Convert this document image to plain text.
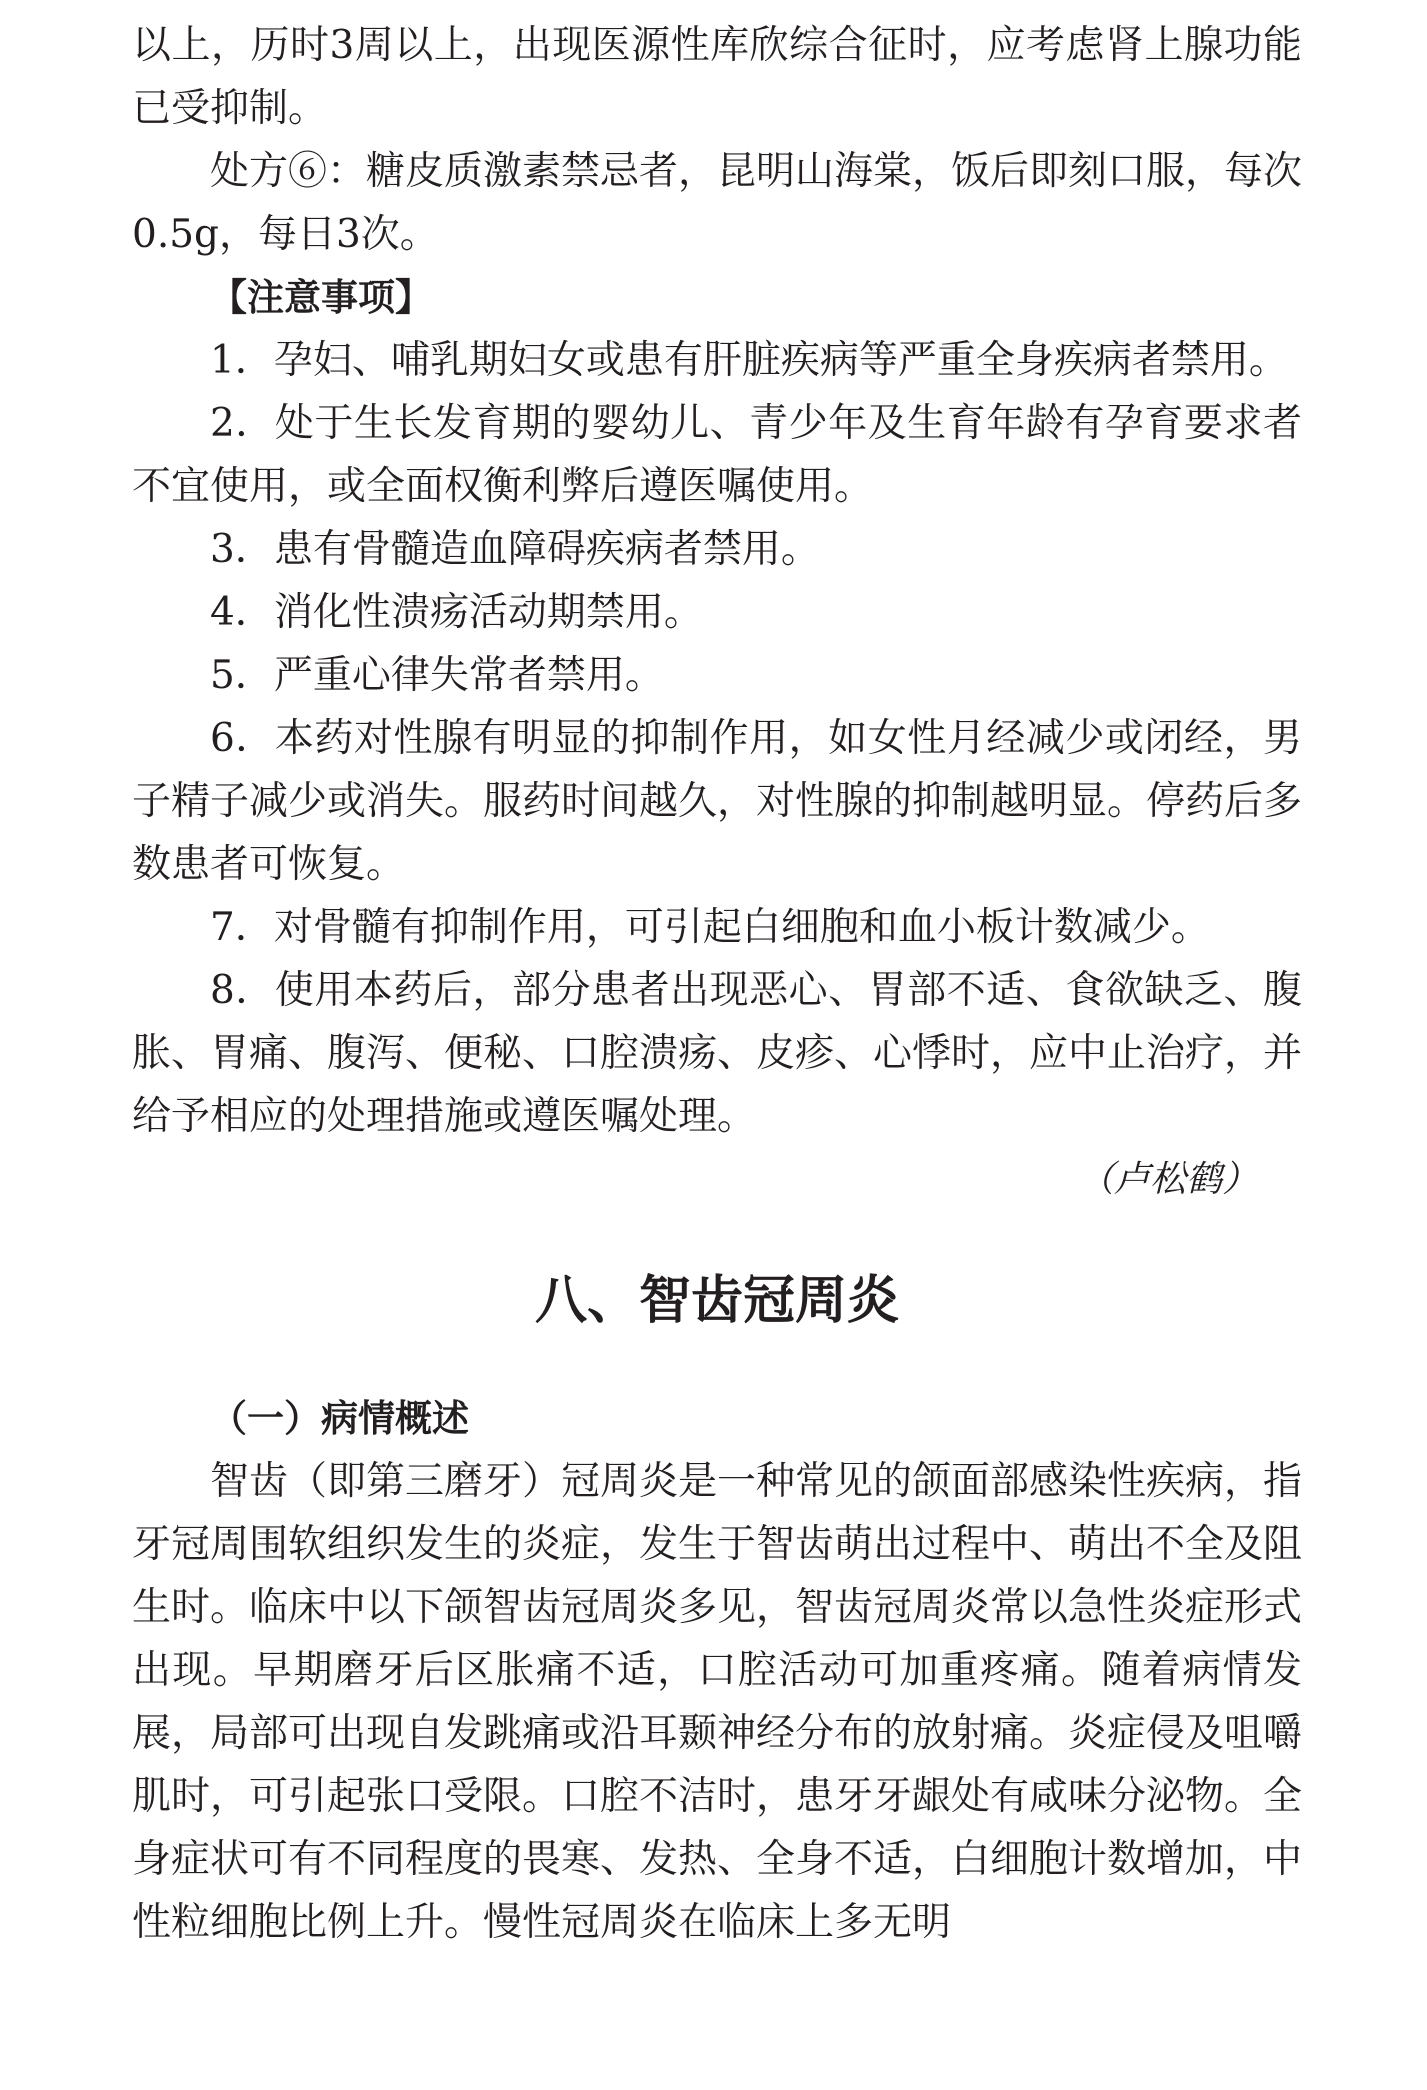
以上，历时3周以上，出现医源性库欣综合征时，应考虑肾上腺功能已受抑制。

处方⑥：糖皮质激素禁忌者，昆明山海棠，饭后即刻口服，每次0.5g，每日3次。

【注意事项】

1．孕妇、哺乳期妇女或患有肝脏疾病等严重全身疾病者禁用。

2．处于生长发育期的婴幼儿、青少年及生育年龄有孕育要求者不宜使用，或全面权衡利弊后遵医嘱使用。

3．患有骨髓造血障碍疾病者禁用。

4．消化性溃疡活动期禁用。

5．严重心律失常者禁用。

6．本药对性腺有明显的抑制作用，如女性月经减少或闭经，男子精子减少或消失。服药时间越久，对性腺的抑制越明显。停药后多数患者可恢复。

7．对骨髓有抑制作用，可引起白细胞和血小板计数减少。

8．使用本药后，部分患者出现恶心、胃部不适、食欲缺乏、腹胀、胃痛、腹泻、便秘、口腔溃疡、皮疹、心悸时，应中止治疗，并给予相应的处理措施或遵医嘱处理。

（卢松鹤）

八、智齿冠周炎

（一）病情概述

智齿（即第三磨牙）冠周炎是一种常见的颌面部感染性疾病，指牙冠周围软组织发生的炎症，发生于智齿萌出过程中、萌出不全及阻生时。临床中以下颌智齿冠周炎多见，智齿冠周炎常以急性炎症形式出现。早期磨牙后区胀痛不适，口腔活动可加重疼痛。随着病情发展，局部可出现自发跳痛或沿耳颞神经分布的放射痛。炎症侵及咀嚼肌时，可引起张口受限。口腔不洁时，患牙牙龈处有咸味分泌物。全身症状可有不同程度的畏寒、发热、全身不适，白细胞计数增加，中性粒细胞比例上升。慢性冠周炎在临床上多无明
